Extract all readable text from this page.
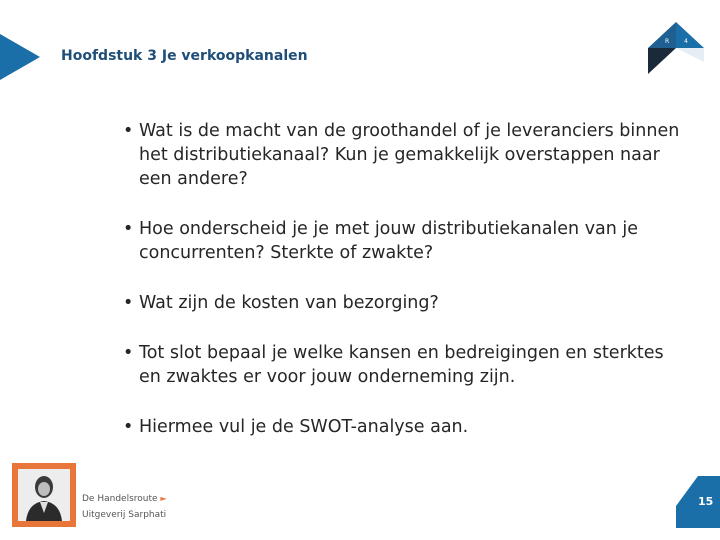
Hoofdstuk 3 Je verkoopkanalen
R 4
• Wat is de macht van de groothandel of je leveranciers binnen
het distributiekanaal? Kun je gemakkelijk overstappen naar
een andere?
• Hoe onderscheid je je met jouw distributiekanalen van je
concurrenten? Sterkte of zwakte?
• Wat zijn de kosten van bezorging?
• Tot slot bepaal je welke kansen en bedreigingen en sterktes
en zwaktes er voor jouw onderneming zijn.
• Hiermee vul je de SWOT-analyse aan.
De Handelsroute ►
Uitgeverij Sarphati
15
